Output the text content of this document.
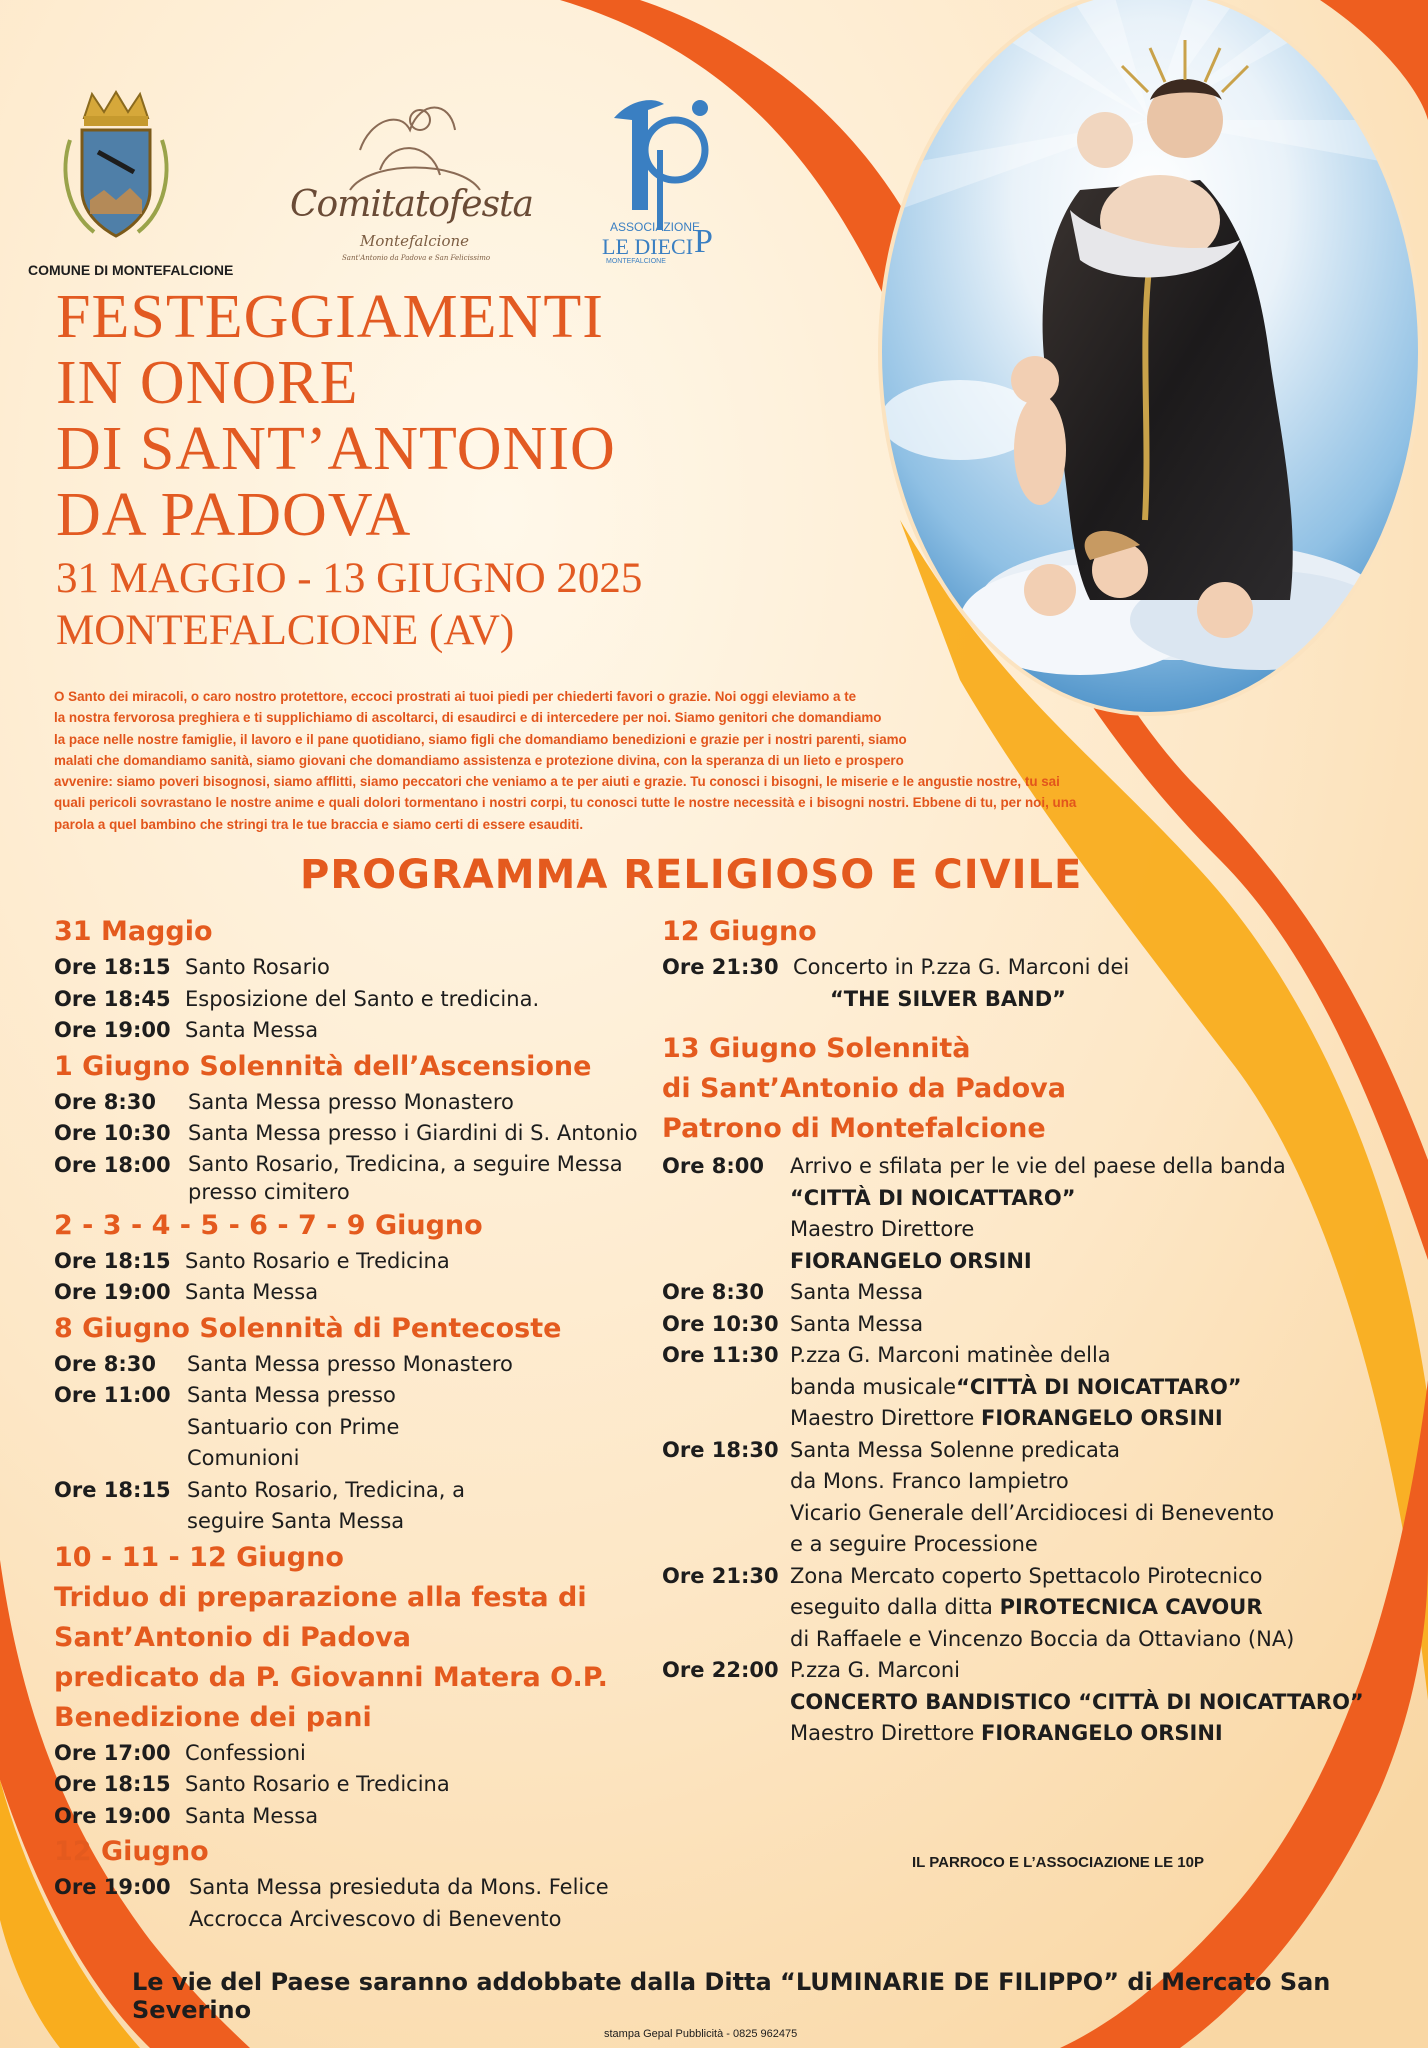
P
COMUNE DI MONTEFALCIONE
Comitatofesta
Montefalcione
Sant'Antonio da Padova e San Felicissimo
ASSOCIAZIONE
LE DIECI
MONTEFALCIONE
FESTEGGIAMENTI
IN ONORE
DI SANT’ANTONIO
DA PADOVA
31 MAGGIO - 13 GIUGNO 2025
MONTEFALCIONE (AV)
O Santo dei miracoli, o caro nostro protettore, eccoci prostrati ai tuoi piedi per chiederti favori o grazie. Noi oggi eleviamo a te
la nostra fervorosa preghiera e ti supplichiamo di ascoltarci, di esaudirci e di intercedere per noi. Siamo genitori che domandiamo
la pace nelle nostre famiglie, il lavoro e il pane quotidiano, siamo figli che domandiamo benedizioni e grazie per i nostri parenti, siamo
malati che domandiamo sanità, siamo giovani che domandiamo assistenza e protezione divina, con la speranza di un lieto e prospero
avvenire: siamo poveri bisognosi, siamo afflitti, siamo peccatori che veniamo a te per aiuti e grazie. Tu conosci i bisogni, le miserie e le angustie nostre, tu sai
quali pericoli sovrastano le nostre anime e quali dolori tormentano i nostri corpi, tu conosci tutte le nostre necessità e i bisogni nostri. Ebbene di tu, per noi, una
parola a quel bambino che stringi tra le tue braccia e siamo certi di essere esauditi.
PROGRAMMA RELIGIOSO E CIVILE
31 Maggio
Ore 18:15 Santo Rosario
Ore 18:45 Esposizione del Santo e tredicina.
Ore 19:00 Santa Messa
1 Giugno Solennità dell’Ascensione
Ore 8:30	Santa Messa presso Monastero
Ore 10:30 Santa Messa presso i Giardini di S. Antonio
Ore 18:00 Santo Rosario, Tredicina, a seguire Messa presso cimitero
2 - 3 - 4 - 5 - 6 - 7 - 9 Giugno
Ore 18:15 Santo Rosario e Tredicina
Ore 19:00 Santa Messa
8 Giugno Solennità di Pentecoste
Ore 8:30	Santa Messa presso Monastero
Ore 11:00 Santa Messa presso Santuario con Prime Comunioni
Ore 18:15 Santo Rosario, Tredicina, a seguire Santa Messa
10 - 11 - 12 Giugno
Triduo di preparazione alla festa di
Sant’Antonio di Padova
predicato da P. Giovanni Matera O.P.
Benedizione dei pani
Ore 17:00 Confessioni
Ore 18:15 Santo Rosario e Tredicina
Ore 19:00 Santa Messa
12 Giugno
Ore 19:00 Santa Messa presieduta da Mons. Felice Accrocca Arcivescovo di Benevento
12 Giugno
Ore 21:30 Concerto in P.zza G. Marconi dei
“THE SILVER BAND”
13 Giugno Solennità
di Sant’Antonio da Padova
Patrono di Montefalcione
Ore 8:00	Arrivo e sfilata per le vie del paese della banda
“CITTÀ DI NOICATTARO”
Maestro Direttore
FIORANGELO ORSINI
Ore 8:30	Santa Messa
Ore 10:30 Santa Messa
Ore 11:30 P.zza G. Marconi matinèe della
banda musicale“CITTÀ DI NOICATTARO”
Maestro Direttore FIORANGELO ORSINI
Ore 18:30 Santa Messa Solenne predicata
da Mons. Franco Iampietro
Vicario Generale dell’Arcidiocesi di Benevento
e a seguire Processione
Ore 21:30 Zona Mercato coperto Spettacolo Pirotecnico
eseguito dalla ditta PIROTECNICA CAVOUR
di Raffaele e Vincenzo Boccia da Ottaviano (NA)
Ore 22:00 P.zza G. Marconi
CONCERTO BANDISTICO “CITTÀ DI NOICATTARO”
Maestro Direttore FIORANGELO ORSINI
IL PARROCO E L’ASSOCIAZIONE LE 10P
Le vie del Paese saranno addobbate dalla Ditta “LUMINARIE DE FILIPPO” di Mercato San Severino
stampa Gepal Pubblicità - 0825 962475
